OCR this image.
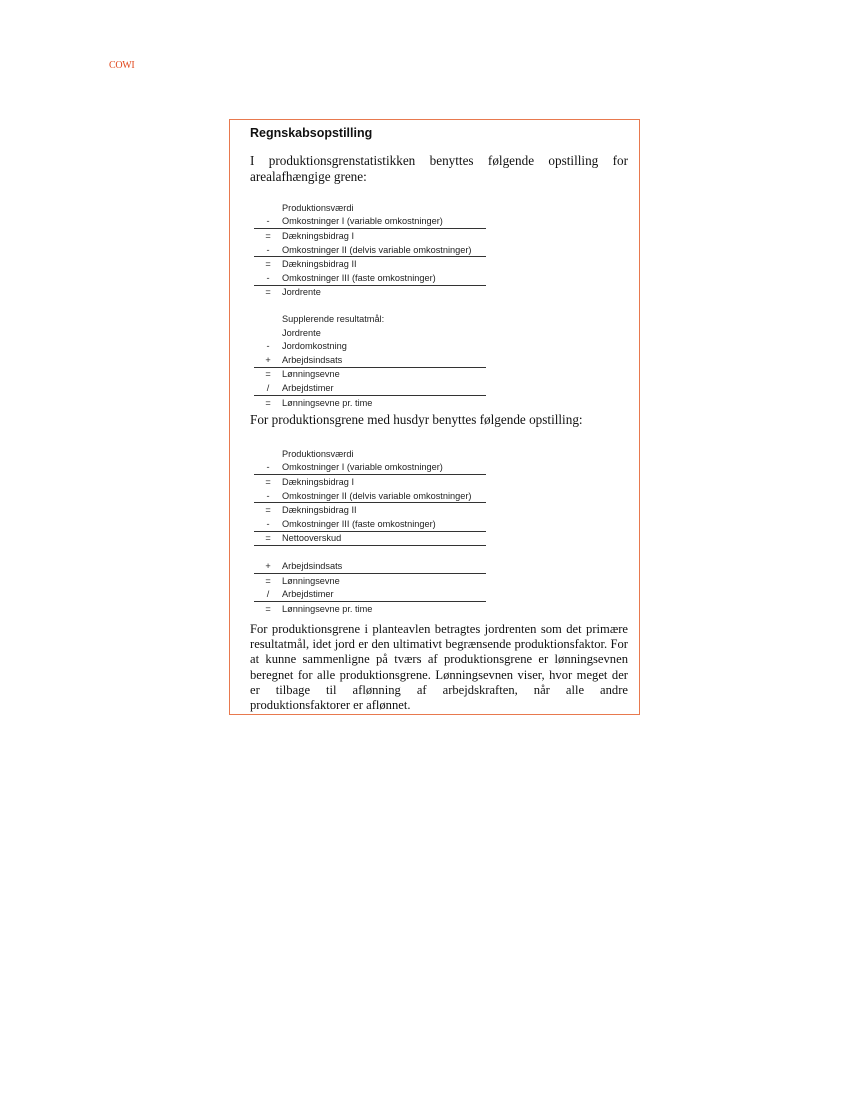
COWI
Regnskabsopstilling

I produktionsgrenstatistikken benyttes følgende opstilling for arealafhængige grene:

Produktionsværdi
-	Omkostninger I (variable omkostninger)
=	Dækningsbidrag I
-	Omkostninger II (delvis variable omkostninger)
=	Dækningsbidrag II
-	Omkostninger III (faste omkostninger)
=	Jordrente
Supplerende resultatmål:
Jordrente
-	Jordomkostning
+	Arbejdsindsats
=	Lønningsevne
/	Arbejdstimer
=	Lønningsevne pr. time

For produktionsgrene med husdyr benyttes følgende opstilling:

Produktionsværdi
-	Omkostninger I (variable omkostninger)
=	Dækningsbidrag I
-	Omkostninger II (delvis variable omkostninger)
=	Dækningsbidrag II
-	Omkostninger III (faste omkostninger)
=	Nettooverskud
+	Arbejdsindsats
=	Lønningsevne
/	Arbejdstimer
=	Lønningsevne pr. time

For produktionsgrene i planteavlen betragtes jordrenten som det primære resultatmål, idet jord er den ultimativt begrænsende produktionsfaktor. For at kunne sammenligne på tværs af produktionsgrene er lønningsevnen beregnet for alle produktionsgrene. Lønningsevnen viser, hvor meget der er tilbage til aflønning af arbejdskraften, når alle andre produktionsfaktorer er aflønnet.
